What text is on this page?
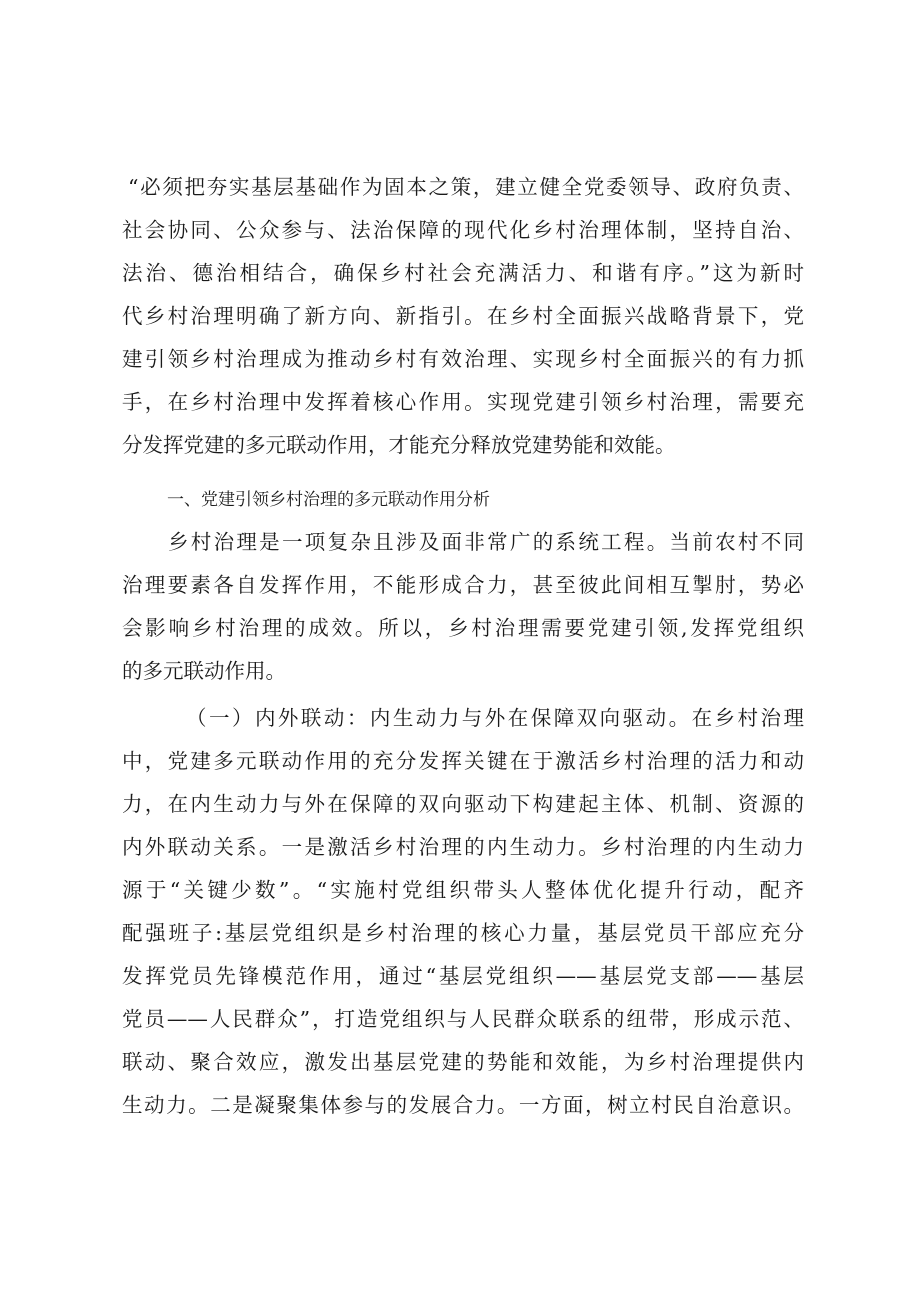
“必须把夯实基层基础作为固本之策，建立健全党委领导、政府负责、
社会协同、公众参与、法治保障的现代化乡村治理体制，坚持自治、
法治、德治相结合，确保乡村社会充满活力、和谐有序。”这为新时
代乡村治理明确了新方向、新指引。在乡村全面振兴战略背景下，党
建引领乡村治理成为推动乡村有效治理、实现乡村全面振兴的有力抓
手，在乡村治理中发挥着核心作用。实现党建引领乡村治理，需要充
分发挥党建的多元联动作用，才能充分释放党建势能和效能。
一、党建引领乡村治理的多元联动作用分析
乡村治理是一项复杂且涉及面非常广的系统工程。当前农村不同
治理要素各自发挥作用，不能形成合力，甚至彼此间相互掣肘，势必
会影响乡村治理的成效。所以，乡村治理需要党建引领,发挥党组织
的多元联动作用。
（一）内外联动：内生动力与外在保障双向驱动。在乡村治理
中，党建多元联动作用的充分发挥关键在于激活乡村治理的活力和动
力，在内生动力与外在保障的双向驱动下构建起主体、机制、资源的
内外联动关系。一是激活乡村治理的内生动力。乡村治理的内生动力
源于“关键少数”。“实施村党组织带头人整体优化提升行动，配齐
配强班子:基层党组织是乡村治理的核心力量，基层党员干部应充分
发挥党员先锋模范作用，通过“基层党组织——基层党支部——基层
党员——人民群众”，打造党组织与人民群众联系的纽带，形成示范、
联动、聚合效应，激发出基层党建的势能和效能，为乡村治理提供内
生动力。二是凝聚集体参与的发展合力。一方面，树立村民自治意识。
